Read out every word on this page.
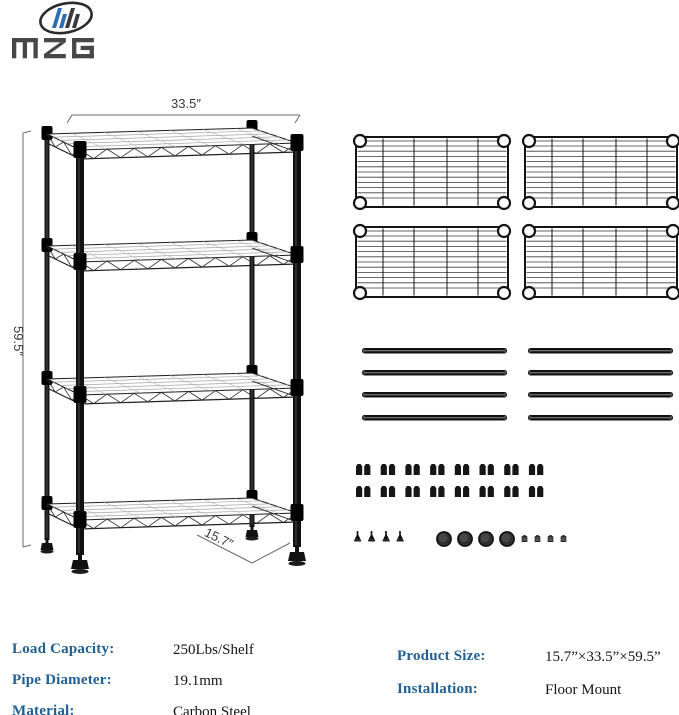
33.5″
59.5″
15.7″
Load Capacity:	250Lbs/Shelf
Pipe Diameter:	19.1mm
Material:	Carbon Steel
Product Size:	15.7”×33.5”×59.5”
Installation:	Floor Mount
